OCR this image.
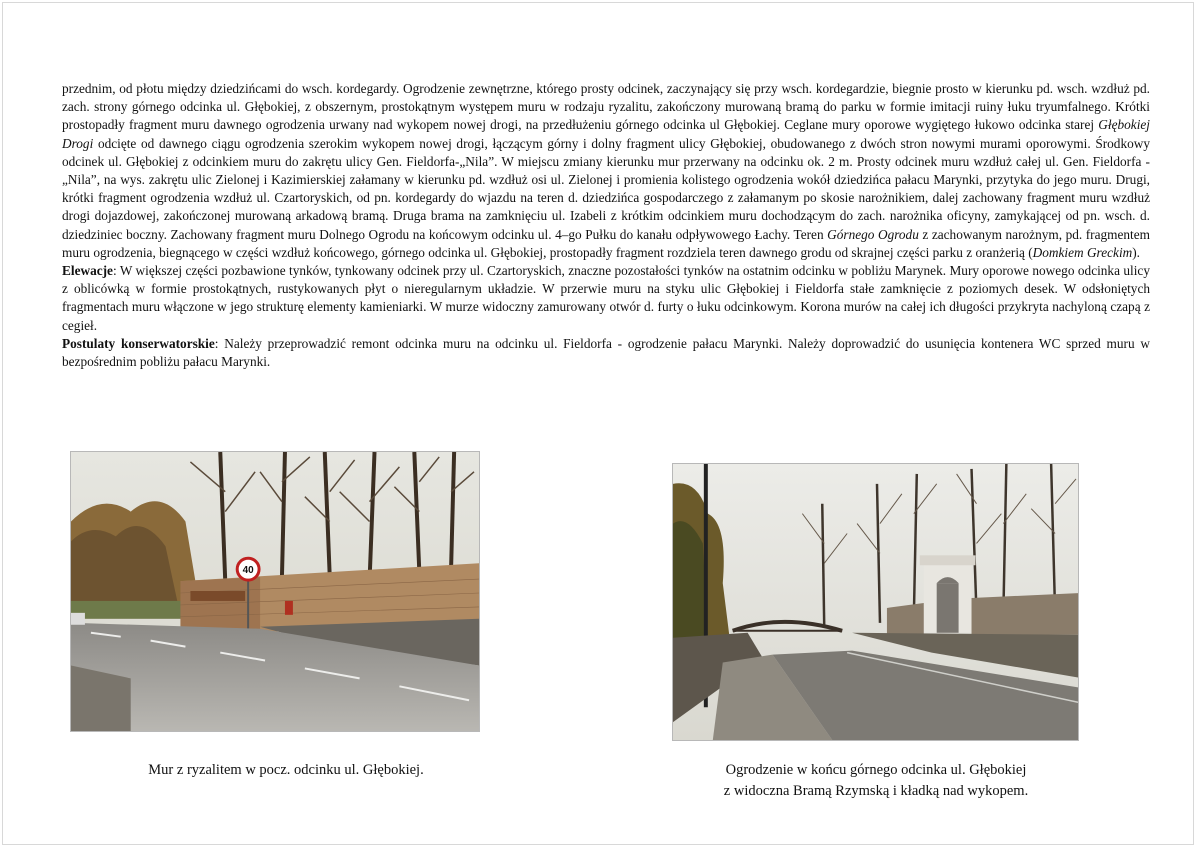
przednim, od płotu między dziedzińcami do wsch. kordegardy. Ogrodzenie zewnętrzne, którego prosty odcinek, zaczynający się przy wsch. kordegardzie, biegnie prosto w kierunku pd. wsch. wzdłuż pd. zach. strony górnego odcinka ul. Głębokiej, z obszernym, prostokątnym występem muru w rodzaju ryzalitu, zakończony murowaną bramą do parku w formie imitacji ruiny łuku tryumfalnego. Krótki prostopadły fragment muru dawnego ogrodzenia urwany nad wykopem nowej drogi, na przedłużeniu górnego odcinka ul Głębokiej. Ceglane mury oporowe wygiętego łukowo odcinka starej Głębokiej Drogi odcięte od dawnego ciągu ogrodzenia szerokim wykopem nowej drogi, łączącym górny i dolny fragment ulicy Głębokiej, obudowanego z dwóch stron nowymi murami oporowymi. Środkowy odcinek ul. Głębokiej z odcinkiem muru do zakrętu ulicy Gen. Fieldorfa-„Nila”. W miejscu zmiany kierunku mur przerwany na odcinku ok. 2 m. Prosty odcinek muru wzdłuż całej ul. Gen. Fieldorfa - „Nila”, na wys. zakrętu ulic Zielonej i Kazimierskiej załamany w kierunku pd. wzdłuż osi ul. Zielonej i promienia kolistego ogrodzenia wokół dziedzińca pałacu Marynki, przytyka do jego muru. Drugi, krótki fragment ogrodzenia wzdłuż ul. Czartoryskich, od pn. kordegardy do wjazdu na teren d. dziedzińca gospodarczego z załamanym po skosie narożnikiem, dalej zachowany fragment muru wzdłuż drogi dojazdowej, zakończonej murowaną arkadową bramą. Druga brama na zamknięciu ul. Izabeli z krótkim odcinkiem muru dochodzącym do zach. narożnika oficyny, zamykającej od pn. wsch. d. dziedziniec boczny. Zachowany fragment muru Dolnego Ogrodu na końcowym odcinku ul. 4–go Pułku do kanału odpływowego Łachy. Teren Górnego Ogrodu z zachowanym narożnym, pd. fragmentem muru ogrodzenia, biegnącego w części wzdłuż końcowego, górnego odcinka ul. Głębokiej, prostopadły fragment rozdziela teren dawnego grodu od skrajnej części parku z oranżerią (Domkiem Greckim).

Elewacje: W większej części pozbawione tynków, tynkowany odcinek przy ul. Czartoryskich, znaczne pozostałości tynków na ostatnim odcinku w pobliżu Marynek. Mury oporowe nowego odcinka ulicy z oblicówką w formie prostokątnych, rustykowanych płyt o nieregularnym układzie. W przerwie muru na styku ulic Głębokiej i Fieldorfa stałe zamknięcie z poziomych desek. W odsłoniętych fragmentach muru włączone w jego strukturę elementy kamieniarki. W murze widoczny zamurowany otwór d. furty o łuku odcinkowym. Korona murów na całej ich długości przykryta nachyloną czapą z cegieł.

Postulaty konserwatorskie: Należy przeprowadzić remont odcinka muru na odcinku ul. Fieldorfa - ogrodzenie pałacu Marynki. Należy doprowadzić do usunięcia kontenera WC sprzed muru w bezpośrednim pobliżu pałacu Marynki.

40
Mur z ryzalitem w pocz. odcinku ul. Głębokiej.	Ogrodzenie w końcu górnego odcinka ul. Głębokiej
z widoczna Bramą Rzymską i kładką nad wykopem.
